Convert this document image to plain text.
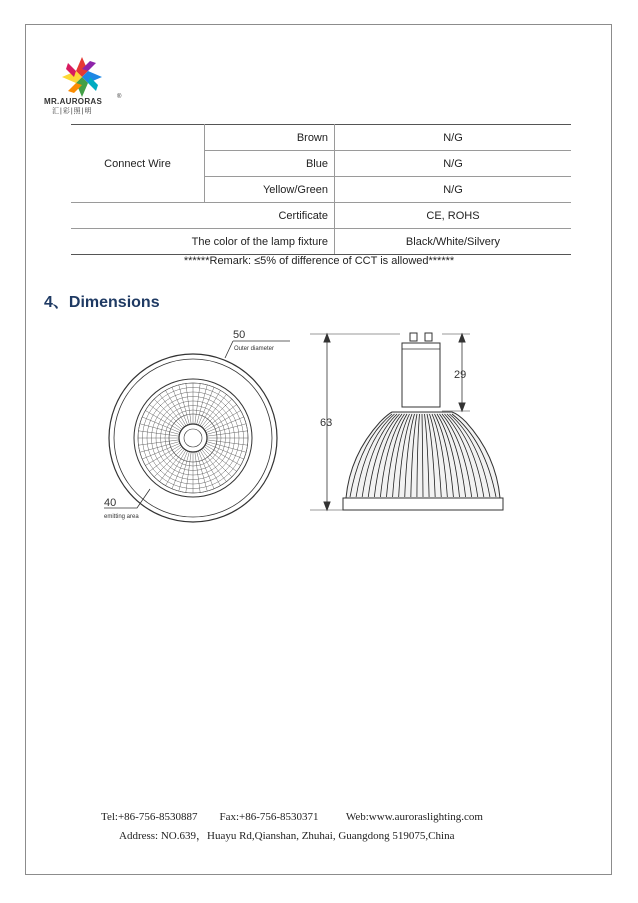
MR.AURORAS ®
汇|彩|照|明
Connect Wire	Brown	N/G
	Blue	N/G
	Yellow/Green	N/G
Certificate		CE, ROHS
The color of the lamp fixture		Black/White/Silvery
******Remark: ≤5% of difference of CCT is allowed******
4、Dimensions
50
Outer diameter
40
emitting area
63
29
Tel:+86-756-8530887        Fax:+86-756-8530371          Web:www.auroraslighting.com
Address: NO.639，Huayu Rd,Qianshan, Zhuhai, Guangdong 519075,China
